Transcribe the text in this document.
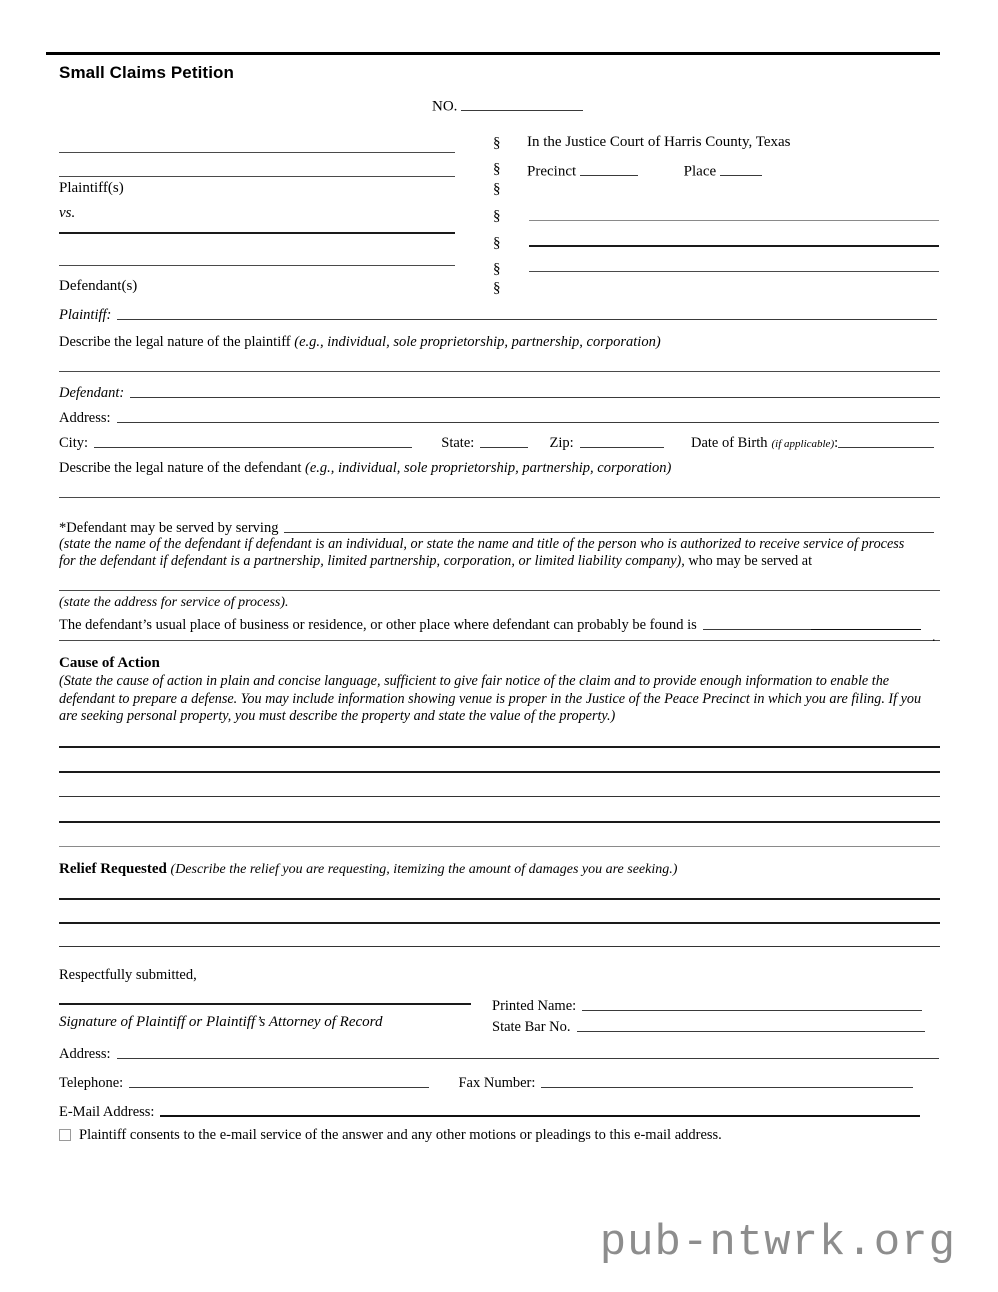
Small Claims Petition
NO.
Plaintiff(s)
vs.
Defendant(s)
§
§
§
§
§
§
§
In the Justice Court of Harris County, Texas
Precinct	Place
Plaintiff:
Describe the legal nature of the plaintiff (e.g., individual, sole proprietorship, partnership, corporation)
Defendant:
Address:
City:	State:	Zip:	Date of Birth (if applicable):
Describe the legal nature of the defendant (e.g., individual, sole proprietorship, partnership, corporation)
*Defendant may be served by serving
(state the name of the defendant if defendant is an individual, or state the name and title of the person who is authorized to receive service of process
for the defendant if defendant is a partnership, limited partnership, corporation, or limited liability company), who may be served at
(state the address for service of process).
The defendant’s usual place of business or residence, or other place where defendant can probably be found is
.
Cause of Action
(State the cause of action in plain and concise language, sufficient to give fair notice of the claim and to provide enough information to enable the defendant to prepare a defense. You may include information showing venue is proper in the Justice of the Peace Precinct in which you are filing. If you are seeking personal property, you must describe the property and state the value of the property.)
Relief Requested (Describe the relief you are requesting, itemizing the amount of damages you are seeking.)
Respectfully submitted,
Signature of Plaintiff or Plaintiff’s Attorney of Record
Printed Name:
State Bar No.
Address:
Telephone:	Fax Number:
E-Mail Address:
Plaintiff consents to the e-mail service of the answer and any other motions or pleadings to this e-mail address.
pub-ntwrk.org
